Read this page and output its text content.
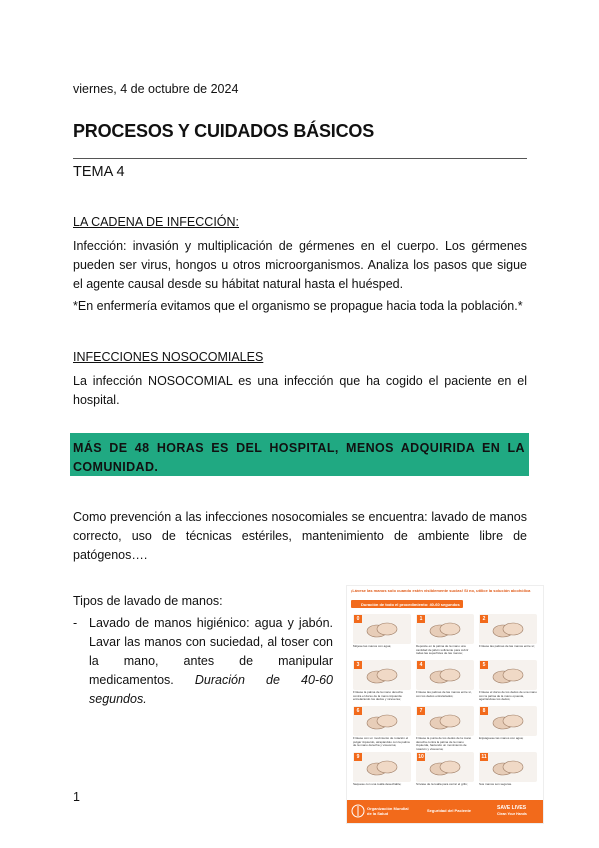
viernes, 4 de octubre de 2024
PROCESOS Y CUIDADOS BÁSICOS
TEMA 4
LA CADENA DE INFECCIÓN:
Infección: invasión y multiplicación de gérmenes en el cuerpo. Los gérmenes pueden ser virus, hongos u otros microorganismos. Analiza los pasos que sigue el agente causal desde su hábitat natural hasta el huésped.
*En enfermería evitamos que el organismo se propague hacia toda la población.*
INFECCIONES NOSOCOMIALES
La infección NOSOCOMIAL es una infección que ha cogido el paciente en el hospital.
MÁS DE 48 HORAS ES DEL HOSPITAL, MENOS ADQUIRIDA EN LA COMUNIDAD.
Como prevención a las infecciones nosocomiales se encuentra: lavado de manos correcto, uso de técnicas estériles, mantenimiento de ambiente libre de patógenos….
Tipos de lavado de manos:
- Lavado de manos higiénico: agua y jabón. Lavar las manos con suciedad, al toser con la mano, antes de manipular medicamentos. Duración de 40-60 segundos.
1
¡Lávese las manos solo cuando estén visiblemente sucias! Si no, utilice la solución alcohólica
Duración de todo el procedimiento: 40-60 segundos
0
Mójese las manos con agua;
1
Deposite en la palma de la mano una cantidad de jabón suficiente para cubrir todas las superficies de las manos;
2
Frótese las palmas de las manos entre sí;
3
Frótese la palma de la mano derecha contra el dorso de la mano izquierda entrelazando los dedos y viceversa;
4
Frótese las palmas de las manos entre sí, con los dedos entrelazados;
5
Frótese el dorso de los dedos de una mano con la palma de la mano opuesta, agarrándose los dedos;
6
Frótese con un movimiento de rotación el pulgar izquierdo, atrapándolo con la palma de la mano derecha y viceversa;
7
Frótese la punta de los dedos de la mano derecha contra la palma de la mano izquierda, haciendo un movimiento de rotación y viceversa;
8
Enjuáguese las manos con agua;
9
Séquese con una toalla desechable;
10
Sírvase de la toalla para cerrar el grifo;
11
Sus manos son seguras.
Organización Mundial de la Salud
Seguridad del Paciente	SAVE LIVES
Clean Your Hands
